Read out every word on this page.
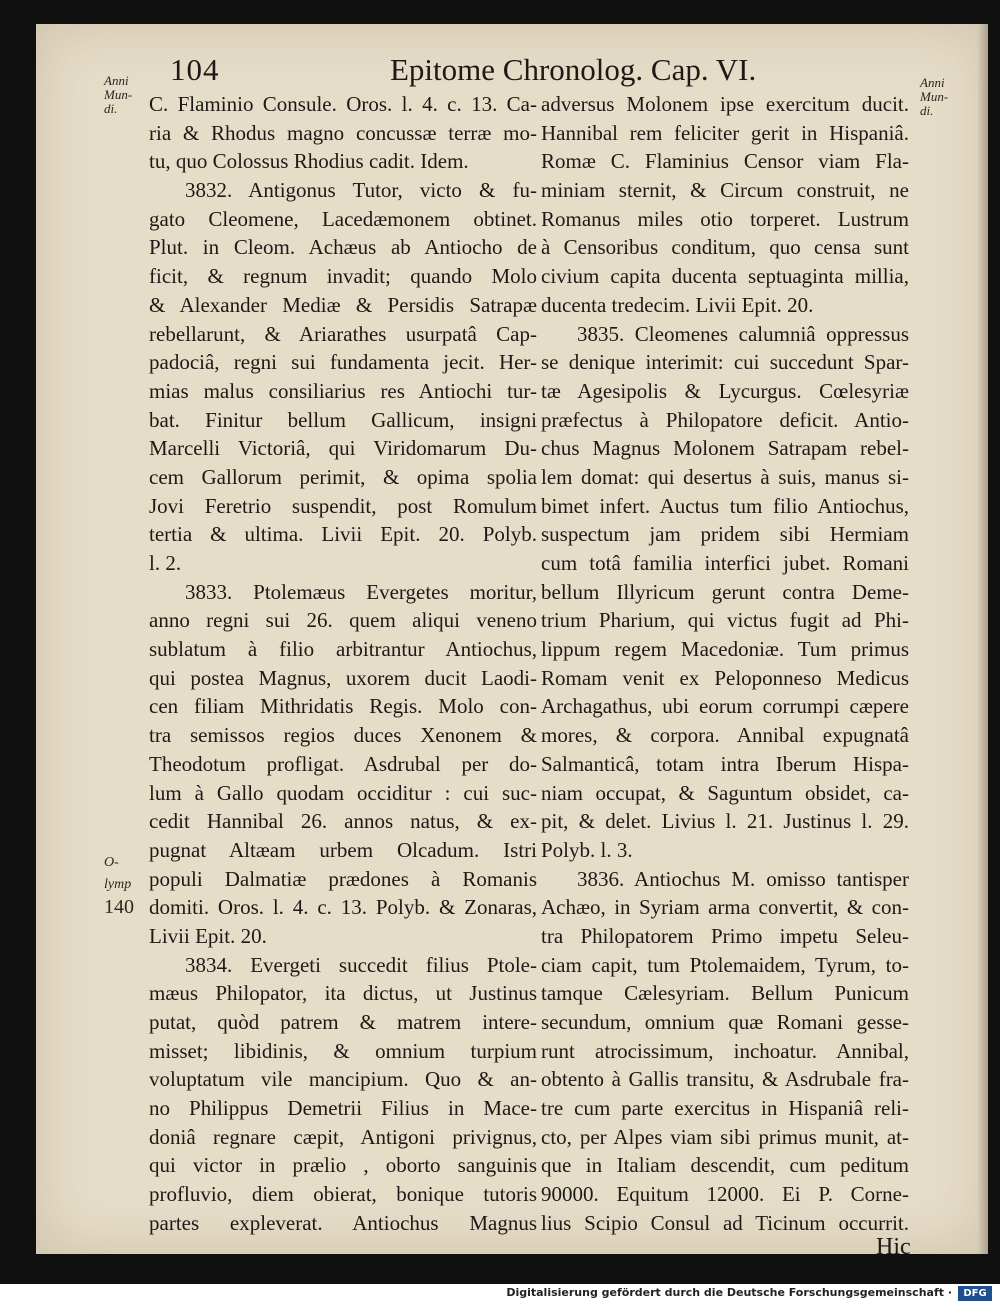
104	Epitome Chronolog. Cap. VI.
C. Flaminio Consule. Oros. l. 4. c. 13. Ca-
ria & Rhodus magno concussæ terræ mo-
tu, quo Colossus Rhodius cadit. Idem.
3832. Antigonus Tutor, victo & fu-
gato Cleomene, Lacedæmonem obtinet.
Plut. in Cleom. Achæus ab Antiocho de
ficit, & regnum invadit; quando Molo
& Alexander Mediæ & Persidis Satrapæ
rebellarunt, & Ariarathes usurpatâ Cap-
padociâ, regni sui fundamenta jecit. Her-
mias malus consiliarius res Antiochi tur-
bat. Finitur bellum Gallicum, insigni
Marcelli Victoriâ, qui Viridomarum Du-
cem Gallorum perimit, & opima spolia
Jovi Feretrio suspendit, post Romulum
tertia & ultima. Livii Epit. 20. Polyb.
l. 2.
3833. Ptolemæus Evergetes moritur,
anno regni sui 26. quem aliqui veneno
sublatum à filio arbitrantur Antiochus,
qui postea Magnus, uxorem ducit Laodi-
cen filiam Mithridatis Regis. Molo con-
tra semissos regios duces Xenonem &
Theodotum profligat. Asdrubal per do-
lum à Gallo quodam occiditur : cui suc-
cedit Hannibal 26. annos natus, & ex-
pugnat Altæam urbem Olcadum. Istri
populi Dalmatiæ prædones à Romanis
domiti. Oros. l. 4. c. 13. Polyb. & Zonaras,
Livii Epit. 20.
3834. Evergeti succedit filius Ptole-
mæus Philopator, ita dictus, ut Justinus
putat, quòd patrem & matrem intere-
misset; libidinis, & omnium turpium
voluptatum vile mancipium. Quo & an-
no Philippus Demetrii Filius in Mace-
doniâ regnare cæpit, Antigoni privignus,
qui victor in prælio , oborto sanguinis
profluvio, diem obierat, bonique tutoris
partes expleverat. Antiochus Magnus
adversus Molonem ipse exercitum ducit.
Hannibal rem feliciter gerit in Hispaniâ.
Romæ C. Flaminius Censor viam Fla-
miniam sternit, & Circum construit, ne
Romanus miles otio torperet. Lustrum
à Censoribus conditum, quo censa sunt
civium capita ducenta septuaginta millia,
ducenta tredecim. Livii Epit. 20.
3835. Cleomenes calumniâ oppressus
se denique interimit: cui succedunt Spar-
tæ Agesipolis & Lycurgus. Cœlesyriæ
præfectus à Philopatore deficit. Antio-
chus Magnus Molonem Satrapam rebel-
lem domat: qui desertus à suis, manus si-
bimet infert. Auctus tum filio Antiochus,
suspectum jam pridem sibi Hermiam
cum totâ familia interfici jubet. Romani
bellum Illyricum gerunt contra Deme-
trium Pharium, qui victus fugit ad Phi-
lippum regem Macedoniæ. Tum primus
Romam venit ex Peloponneso Medicus
Archagathus, ubi eorum corrumpi cæpere
mores, & corpora. Annibal expugnatâ
Salmanticâ, totam intra Iberum Hispa-
niam occupat, & Saguntum obsidet, ca-
pit, & delet. Livius l. 21. Justinus l. 29.
Polyb. l. 3.
3836. Antiochus M. omisso tantisper
Achæo, in Syriam arma convertit, & con-
tra Philopatorem Primo impetu Seleu-
ciam capit, tum Ptolemaidem, Tyrum, to-
tamque Cælesyriam. Bellum Punicum
secundum, omnium quæ Romani gesse-
runt atrocissimum, inchoatur. Annibal,
obtento à Gallis transitu, & Asdrubale fra-
tre cum parte exercitus in Hispaniâ reli-
cto, per Alpes viam sibi primus munit, at-
que in Italiam descendit, cum peditum
90000. Equitum 12000. Ei P. Corne-
lius Scipio Consul ad Ticinum occurrit.
Hic
Anni
Mun-
di.
O-
lymp
140
Anni
Mun-
di.
Digitalisierung gefördert durch die Deutsche Forschungsgemeinschaft ·	DFG
